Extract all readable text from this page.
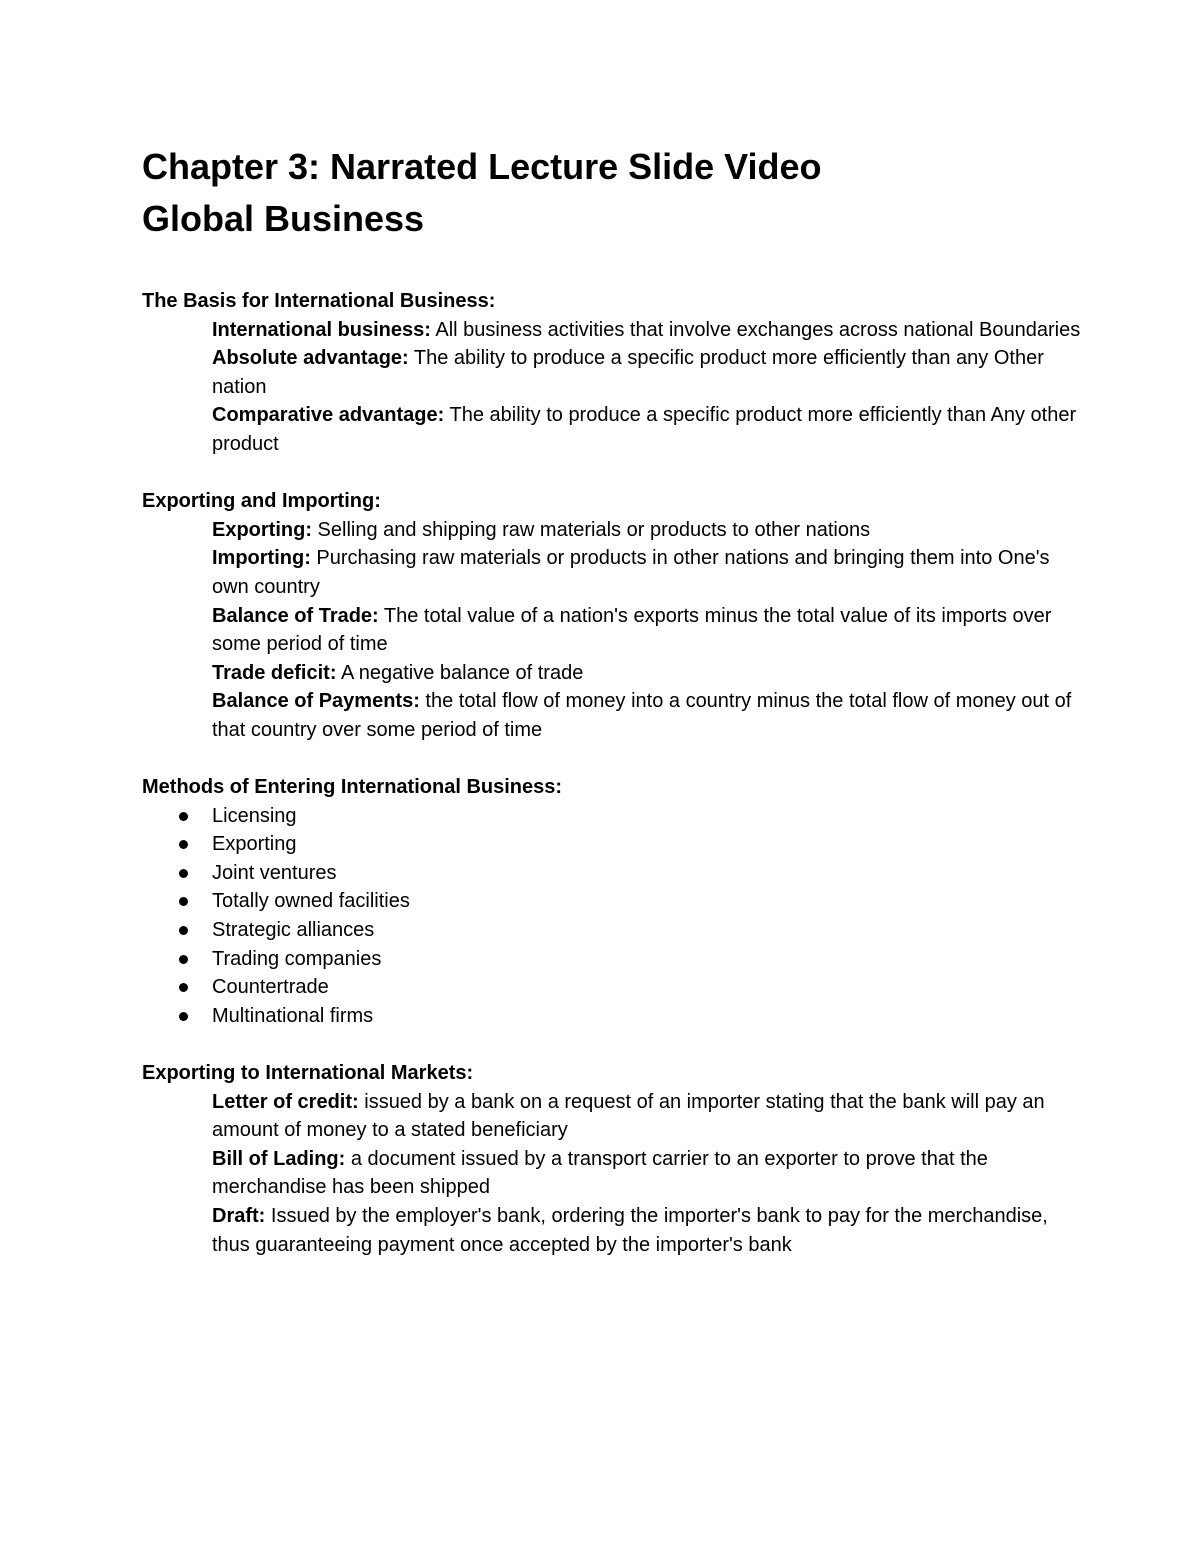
Chapter 3: Narrated Lecture Slide Video
Global Business
The Basis for International Business:

International business: All business activities that involve exchanges across national Boundaries

Absolute advantage: The ability to produce a specific product more efficiently than any Other nation

Comparative advantage: The ability to produce a specific product more efficiently than Any other product

Exporting and Importing:

Exporting: Selling and shipping raw materials or products to other nations

Importing: Purchasing raw materials or products in other nations and bringing them into One's own country

Balance of Trade: The total value of a nation's exports minus the total value of its imports over some period of time

Trade deficit: A negative balance of trade

Balance of Payments: the total flow of money into a country minus the total flow of money out of that country over some period of time

Methods of Entering International Business:
Licensing
Exporting
Joint ventures
Totally owned facilities
Strategic alliances
Trading companies
Countertrade
Multinational firms
Exporting to International Markets:

Letter of credit: issued by a bank on a request of an importer stating that the bank will pay an amount of money to a stated beneficiary

Bill of Lading: a document issued by a transport carrier to an exporter to prove that the merchandise has been shipped

Draft: Issued by the employer's bank, ordering the importer's bank to pay for the merchandise, thus guaranteeing payment once accepted by the importer's bank
